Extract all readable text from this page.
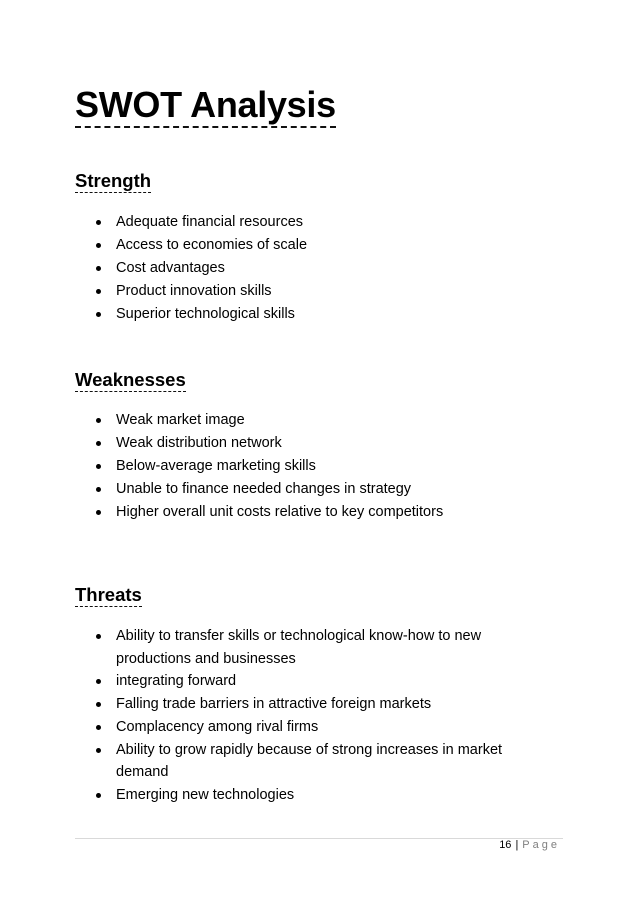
SWOT Analysis
Strength
Adequate financial resources
Access to economies of scale
Cost advantages
Product innovation skills
Superior technological skills
Weaknesses
Weak market image
Weak distribution network
Below-average marketing skills
Unable to finance needed changes in strategy
Higher overall unit costs relative to key competitors
Threats
Ability to transfer skills or technological know-how to new productions and businesses
integrating forward
Falling trade barriers in attractive foreign markets
Complacency among rival firms
Ability to grow rapidly because of strong increases in market demand
Emerging new technologies
16 | Page
